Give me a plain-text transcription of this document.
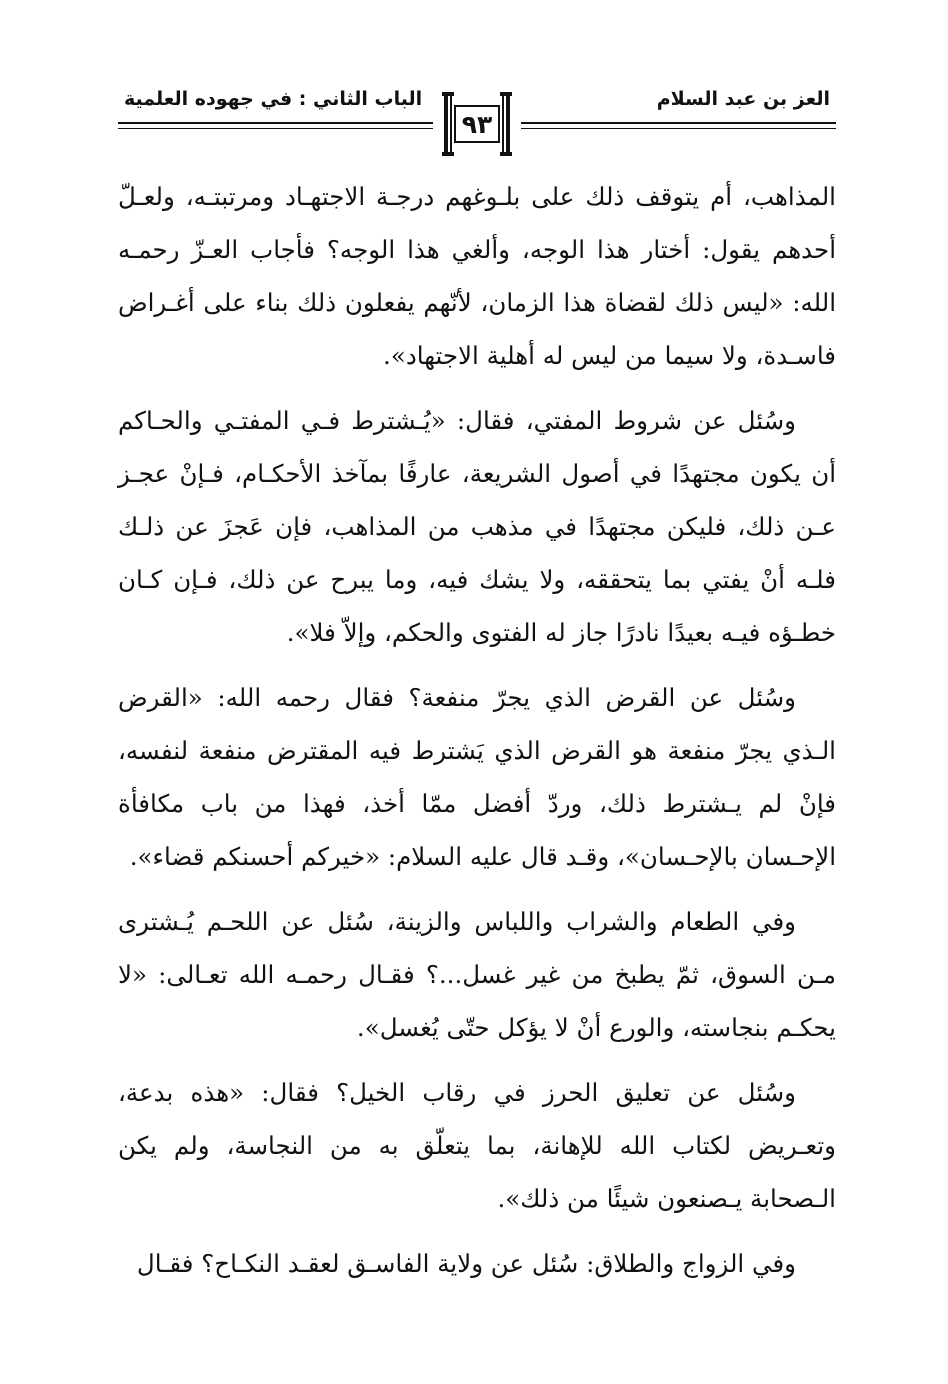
العز بن عبد السلام
الباب الثاني : في جهوده العلمية
٩٣

المذاهب، أم يتوقف ذلك على بلـوغهم درجـة الاجتهـاد ومرتبتـه، ولعـلّ أحدهم يقول: أختار هذا الوجه، وألغي هذا الوجه؟ فأجاب العـزّ رحمـه الله: «ليس ذلك لقضاة هذا الزمان، لأنّهم يفعلون ذلك بناء على أغـراض فاسـدة، ولا سيما من ليس له أهلية الاجتهاد».

وسُئل عن شروط المفتي، فقال: «يُـشترط فـي المفتـي والحـاكم أن يكون مجتهدًا في أصول الشريعة، عارفًا بمآخذ الأحكـام، فـإنْ عجـز عـن ذلك، فليكن مجتهدًا في مذهب من المذاهب، فإن عَجزَ عن ذلـك فلـه أنْ يفتي بما يتحققه، ولا يشك فيه، وما يبرح عن ذلك، فـإن كـان خطـؤه فيـه بعيدًا نادرًا جاز له الفتوى والحكم، وإلاّ فلا».

وسُئل عن القرض الذي يجرّ منفعة؟ فقال رحمه الله: «القرض الـذي يجرّ منفعة هو القرض الذي يَشترط فيه المقترض منفعة لنفسه، فإنْ لم يـشترط ذلك، وردّ أفضل ممّا أخذ، فهذا من باب مكافأة الإحـسان بالإحـسان»، وقـد قال عليه السلام: «خيركم أحسنكم قضاء».

وفي الطعام والشراب واللباس والزينة، سُئل عن اللحـم يُـشترى مـن السوق، ثمّ يطبخ من غير غسل...؟ فقـال رحمـه الله تعـالى: «لا يحكـم بنجاسته، والورع أنْ لا يؤكل حتّى يُغسل».

وسُئل عن تعليق الحرز في رقاب الخيل؟ فقال: «هذه بدعة، وتعـريض لكتاب الله للإهانة، بما يتعلّق به من النجاسة، ولم يكن الـصحابة يـصنعون شيئًا من ذلك».

وفي الزواج والطلاق: سُئل عن ولاية الفاسـق لعقـد النكـاح؟ فقـال
